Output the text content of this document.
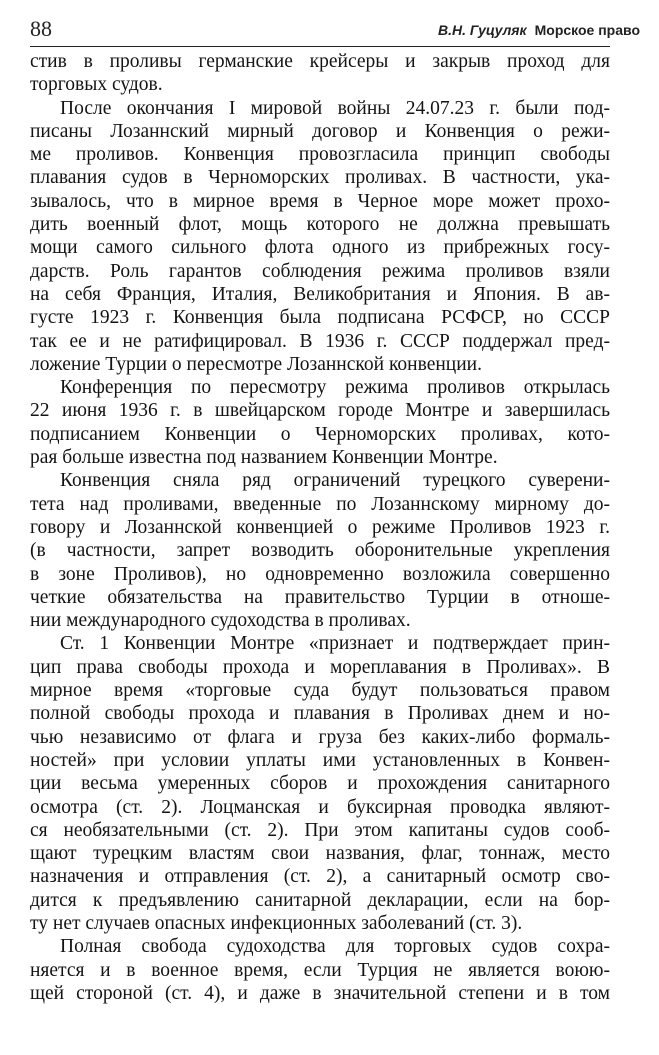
88	В.Н. Гуцуляк Морское право
стив в проливы германские крейсеры и закрыв проход для
торговых судов.
После окончания I мировой войны 24.07.23 г. были под-
писаны Лозаннский мирный договор и Конвенция о режи-
ме проливов. Конвенция провозгласила принцип свободы
плавания судов в Черноморских проливах. В частности, ука-
зывалось, что в мирное время в Черное море может прохо-
дить военный флот, мощь которого не должна превышать
мощи самого сильного флота одного из прибрежных госу-
дарств. Роль гарантов соблюдения режима проливов взяли
на себя Франция, Италия, Великобритания и Япония. В ав-
густе 1923 г. Конвенция была подписана РСФСР, но СССР
так ее и не ратифицировал. В 1936 г. СССР поддержал пред-
ложение Турции о пересмотре Лозаннской конвенции.
Конференция по пересмотру режима проливов открылась
22 июня 1936 г. в швейцарском городе Монтре и завершилась
подписанием Конвенции о Черноморских проливах, кото-
рая больше известна под названием Конвенции Монтре.
Конвенция сняла ряд ограничений турецкого суверени-
тета над проливами, введенные по Лозаннскому мирному до-
говору и Лозаннской конвенцией о режиме Проливов 1923 г.
(в частности, запрет возводить оборонительные укрепления
в зоне Проливов), но одновременно возложила совершенно
четкие обязательства на правительство Турции в отноше-
нии международного судоходства в проливах.
Ст. 1 Конвенции Монтре «признает и подтверждает прин-
цип права свободы прохода и мореплавания в Проливах». В
мирное время «торговые суда будут пользоваться правом
полной свободы прохода и плавания в Проливах днем и но-
чью независимо от флага и груза без каких-либо формаль-
ностей» при условии уплаты ими установленных в Конвен-
ции весьма умеренных сборов и прохождения санитарного
осмотра (ст. 2). Лоцманская и буксирная проводка являют-
ся необязательными (ст. 2). При этом капитаны судов сооб-
щают турецким властям свои названия, флаг, тоннаж, место
назначения и отправления (ст. 2), а санитарный осмотр сво-
дится к предъявлению санитарной декларации, если на бор-
ту нет случаев опасных инфекционных заболеваний (ст. 3).
Полная свобода судоходства для торговых судов сохра-
няется и в военное время, если Турция не является воюю-
щей стороной (ст. 4), и даже в значительной степени и в том
